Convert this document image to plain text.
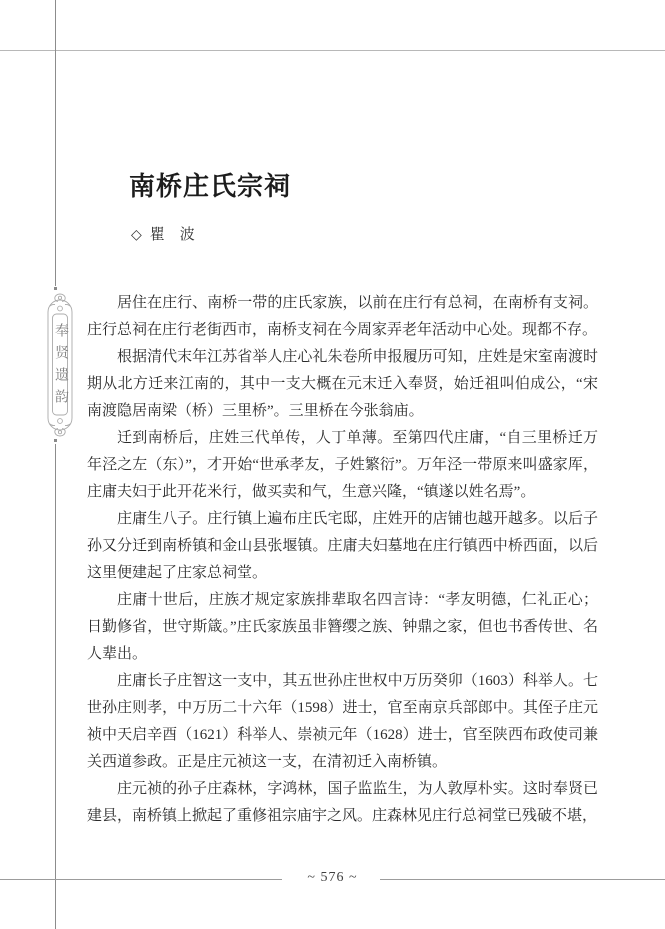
奉贤遗韵
南桥庄氏宗祠
◇ 瞿　波

居住在庄行、南桥一带的庄氏家族，以前在庄行有总祠，在南桥有支祠。庄行总祠在庄行老街西市，南桥支祠在今周家弄老年活动中心处。现都不存。

根据清代末年江苏省举人庄心礼朱卷所申报履历可知，庄姓是宋室南渡时期从北方迁来江南的，其中一支大概在元末迁入奉贤，始迁祖叫伯成公，“宋南渡隐居南梁（桥）三里桥”。三里桥在今张翁庙。

迁到南桥后，庄姓三代单传，人丁单薄。至第四代庄庸，“自三里桥迁万年泾之左（东）”，才开始“世承孝友，子姓繁衍”。万年泾一带原来叫盛家厍，庄庸夫妇于此开花米行，做买卖和气，生意兴隆，“镇遂以姓名焉”。

庄庸生八子。庄行镇上遍布庄氏宅邸，庄姓开的店铺也越开越多。以后子孙又分迁到南桥镇和金山县张堰镇。庄庸夫妇墓地在庄行镇西中桥西面，以后这里便建起了庄家总祠堂。

庄庸十世后，庄族才规定家族排辈取名四言诗：“孝友明德，仁礼正心；日勤修省，世守斯箴。”庄氏家族虽非簪缨之族、钟鼎之家，但也书香传世、名人辈出。

庄庸长子庄智这一支中，其五世孙庄世权中万历癸卯（1603）科举人。七世孙庄则孝，中万历二十六年（1598）进士，官至南京兵部郎中。其侄子庄元祯中天启辛酉（1621）科举人、崇祯元年（1628）进士，官至陕西布政使司兼关西道参政。正是庄元祯这一支，在清初迁入南桥镇。

庄元祯的孙子庄森林，字鸿林，国子监监生，为人敦厚朴实。这时奉贤已建县，南桥镇上掀起了重修祖宗庙宇之风。庄森林见庄行总祠堂已残破不堪，

~ 576 ~
